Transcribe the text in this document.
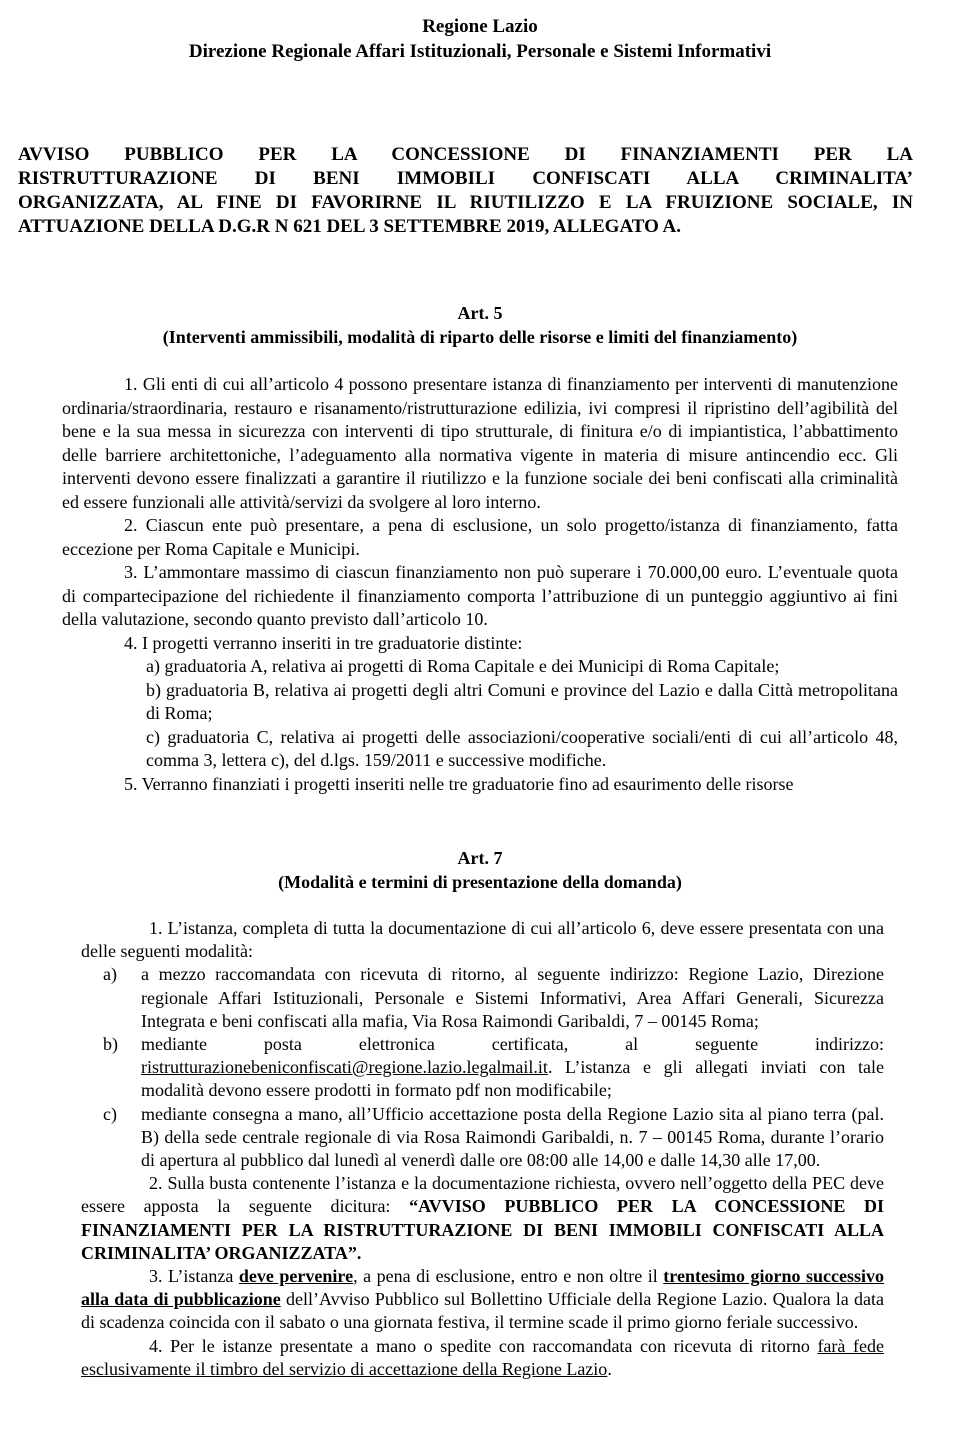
Regione Lazio
Direzione Regionale Affari Istituzionali, Personale e Sistemi Informativi
AVVISO PUBBLICO PER LA CONCESSIONE DI FINANZIAMENTI PER LA
RISTRUTTURAZIONE DI BENI IMMOBILI CONFISCATI ALLA CRIMINALITA’
ORGANIZZATA, AL FINE DI FAVORIRNE IL RIUTILIZZO E LA FRUIZIONE SOCIALE, IN
ATTUAZIONE DELLA D.G.R N 621 DEL 3 SETTEMBRE 2019, ALLEGATO A.
Art. 5
(Interventi ammissibili, modalità di riparto delle risorse e limiti del finanziamento)

1. Gli enti di cui all’articolo 4 possono presentare istanza di finanziamento per interventi di manutenzione ordinaria/straordinaria, restauro e risanamento/ristrutturazione edilizia, ivi compresi il ripristino dell’agibilità del bene e la sua messa in sicurezza con interventi di tipo strutturale, di finitura e/o di impiantistica, l’abbattimento delle barriere architettoniche, l’adeguamento alla normativa vigente in materia di misure antincendio ecc. Gli interventi devono essere finalizzati a garantire il riutilizzo e la funzione sociale dei beni confiscati alla criminalità ed essere funzionali alle attività/servizi da svolgere al loro interno.

2. Ciascun ente può presentare, a pena di esclusione, un solo progetto/istanza di finanziamento, fatta eccezione per Roma Capitale e Municipi.

3. L’ammontare massimo di ciascun finanziamento non può superare i 70.000,00 euro. L’eventuale quota di compartecipazione del richiedente il finanziamento comporta l’attribuzione di un punteggio aggiuntivo ai fini della valutazione, secondo quanto previsto dall’articolo 10.

4. I progetti verranno inseriti in tre graduatorie distinte:

a) graduatoria A, relativa ai progetti di Roma Capitale e dei Municipi di Roma Capitale;

b) graduatoria B, relativa ai progetti degli altri Comuni e province del Lazio e dalla Città metropolitana di Roma;

c) graduatoria C, relativa ai progetti delle associazioni/cooperative sociali/enti di cui all’articolo 48, comma 3, lettera c), del d.lgs. 159/2011 e successive modifiche.

5. Verranno finanziati i progetti inseriti nelle tre graduatorie fino ad esaurimento delle risorse

Art. 7
(Modalità e termini di presentazione della domanda)

1. L’istanza, completa di tutta la documentazione di cui all’articolo 6, deve essere presentata con una delle seguenti modalità:

a)	a mezzo raccomandata con ricevuta di ritorno, al seguente indirizzo: Regione Lazio, Direzione regionale Affari Istituzionali, Personale e Sistemi Informativi, Area Affari Generali, Sicurezza Integrata e beni confiscati alla mafia, Via Rosa Raimondi Garibaldi, 7 – 00145 Roma;
b)	mediante posta elettronica certificata, al seguente indirizzo:
ristrutturazionebeniconfiscati@regione.lazio.legalmail.it. L’istanza e gli allegati inviati con tale modalità devono essere prodotti in formato pdf non modificabile;
c)	mediante consegna a mano, all’Ufficio accettazione posta della Regione Lazio sita al piano terra (pal. B) della sede centrale regionale di via Rosa Raimondi Garibaldi, n. 7 – 00145 Roma, durante l’orario di apertura al pubblico dal lunedì al venerdì dalle ore 08:00 alle 14,00 e dalle 14,30 alle 17,00.

2. Sulla busta contenente l’istanza e la documentazione richiesta, ovvero nell’oggetto della PEC deve essere apposta la seguente dicitura: “AVVISO PUBBLICO PER LA CONCESSIONE DI FINANZIAMENTI PER LA RISTRUTTURAZIONE DI BENI IMMOBILI CONFISCATI ALLA CRIMINALITA’ ORGANIZZATA”.

3. L’istanza deve pervenire, a pena di esclusione, entro e non oltre il trentesimo giorno successivo alla data di pubblicazione dell’Avviso Pubblico sul Bollettino Ufficiale della Regione Lazio. Qualora la data di scadenza coincida con il sabato o una giornata festiva, il termine scade il primo giorno feriale successivo.

4. Per le istanze presentate a mano o spedite con raccomandata con ricevuta di ritorno farà fede esclusivamente il timbro del servizio di accettazione della Regione Lazio.
